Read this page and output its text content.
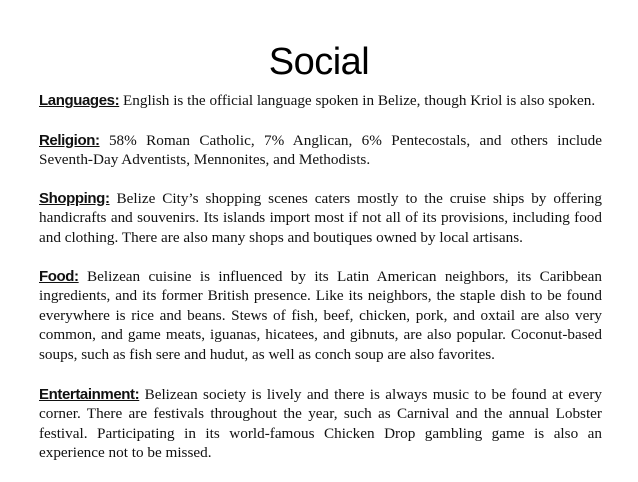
Social

Languages: English is the official language spoken in Belize, though Kriol is also spoken.

Religion: 58% Roman Catholic, 7% Anglican, 6% Pentecostals, and others include Seventh-Day Adventists, Mennonites, and Methodists.

Shopping: Belize City’s shopping scenes caters mostly to the cruise ships by offering handicrafts and souvenirs. Its islands import most if not all of its provisions, including food and clothing. There are also many shops and boutiques owned by local artisans.

Food: Belizean cuisine is influenced by its Latin American neighbors, its Caribbean ingredients, and its former British presence. Like its neighbors, the staple dish to be found everywhere is rice and beans. Stews of fish, beef, chicken, pork, and oxtail are also very common, and game meats, iguanas, hicatees, and gibnuts, are also popular. Coconut-based soups, such as fish sere and hudut, as well as conch soup are also favorites.

Entertainment: Belizean society is lively and there is always music to be found at every corner. There are festivals throughout the year, such as Carnival and the annual Lobster festival. Participating in its world-famous Chicken Drop gambling game is also an experience not to be missed.
